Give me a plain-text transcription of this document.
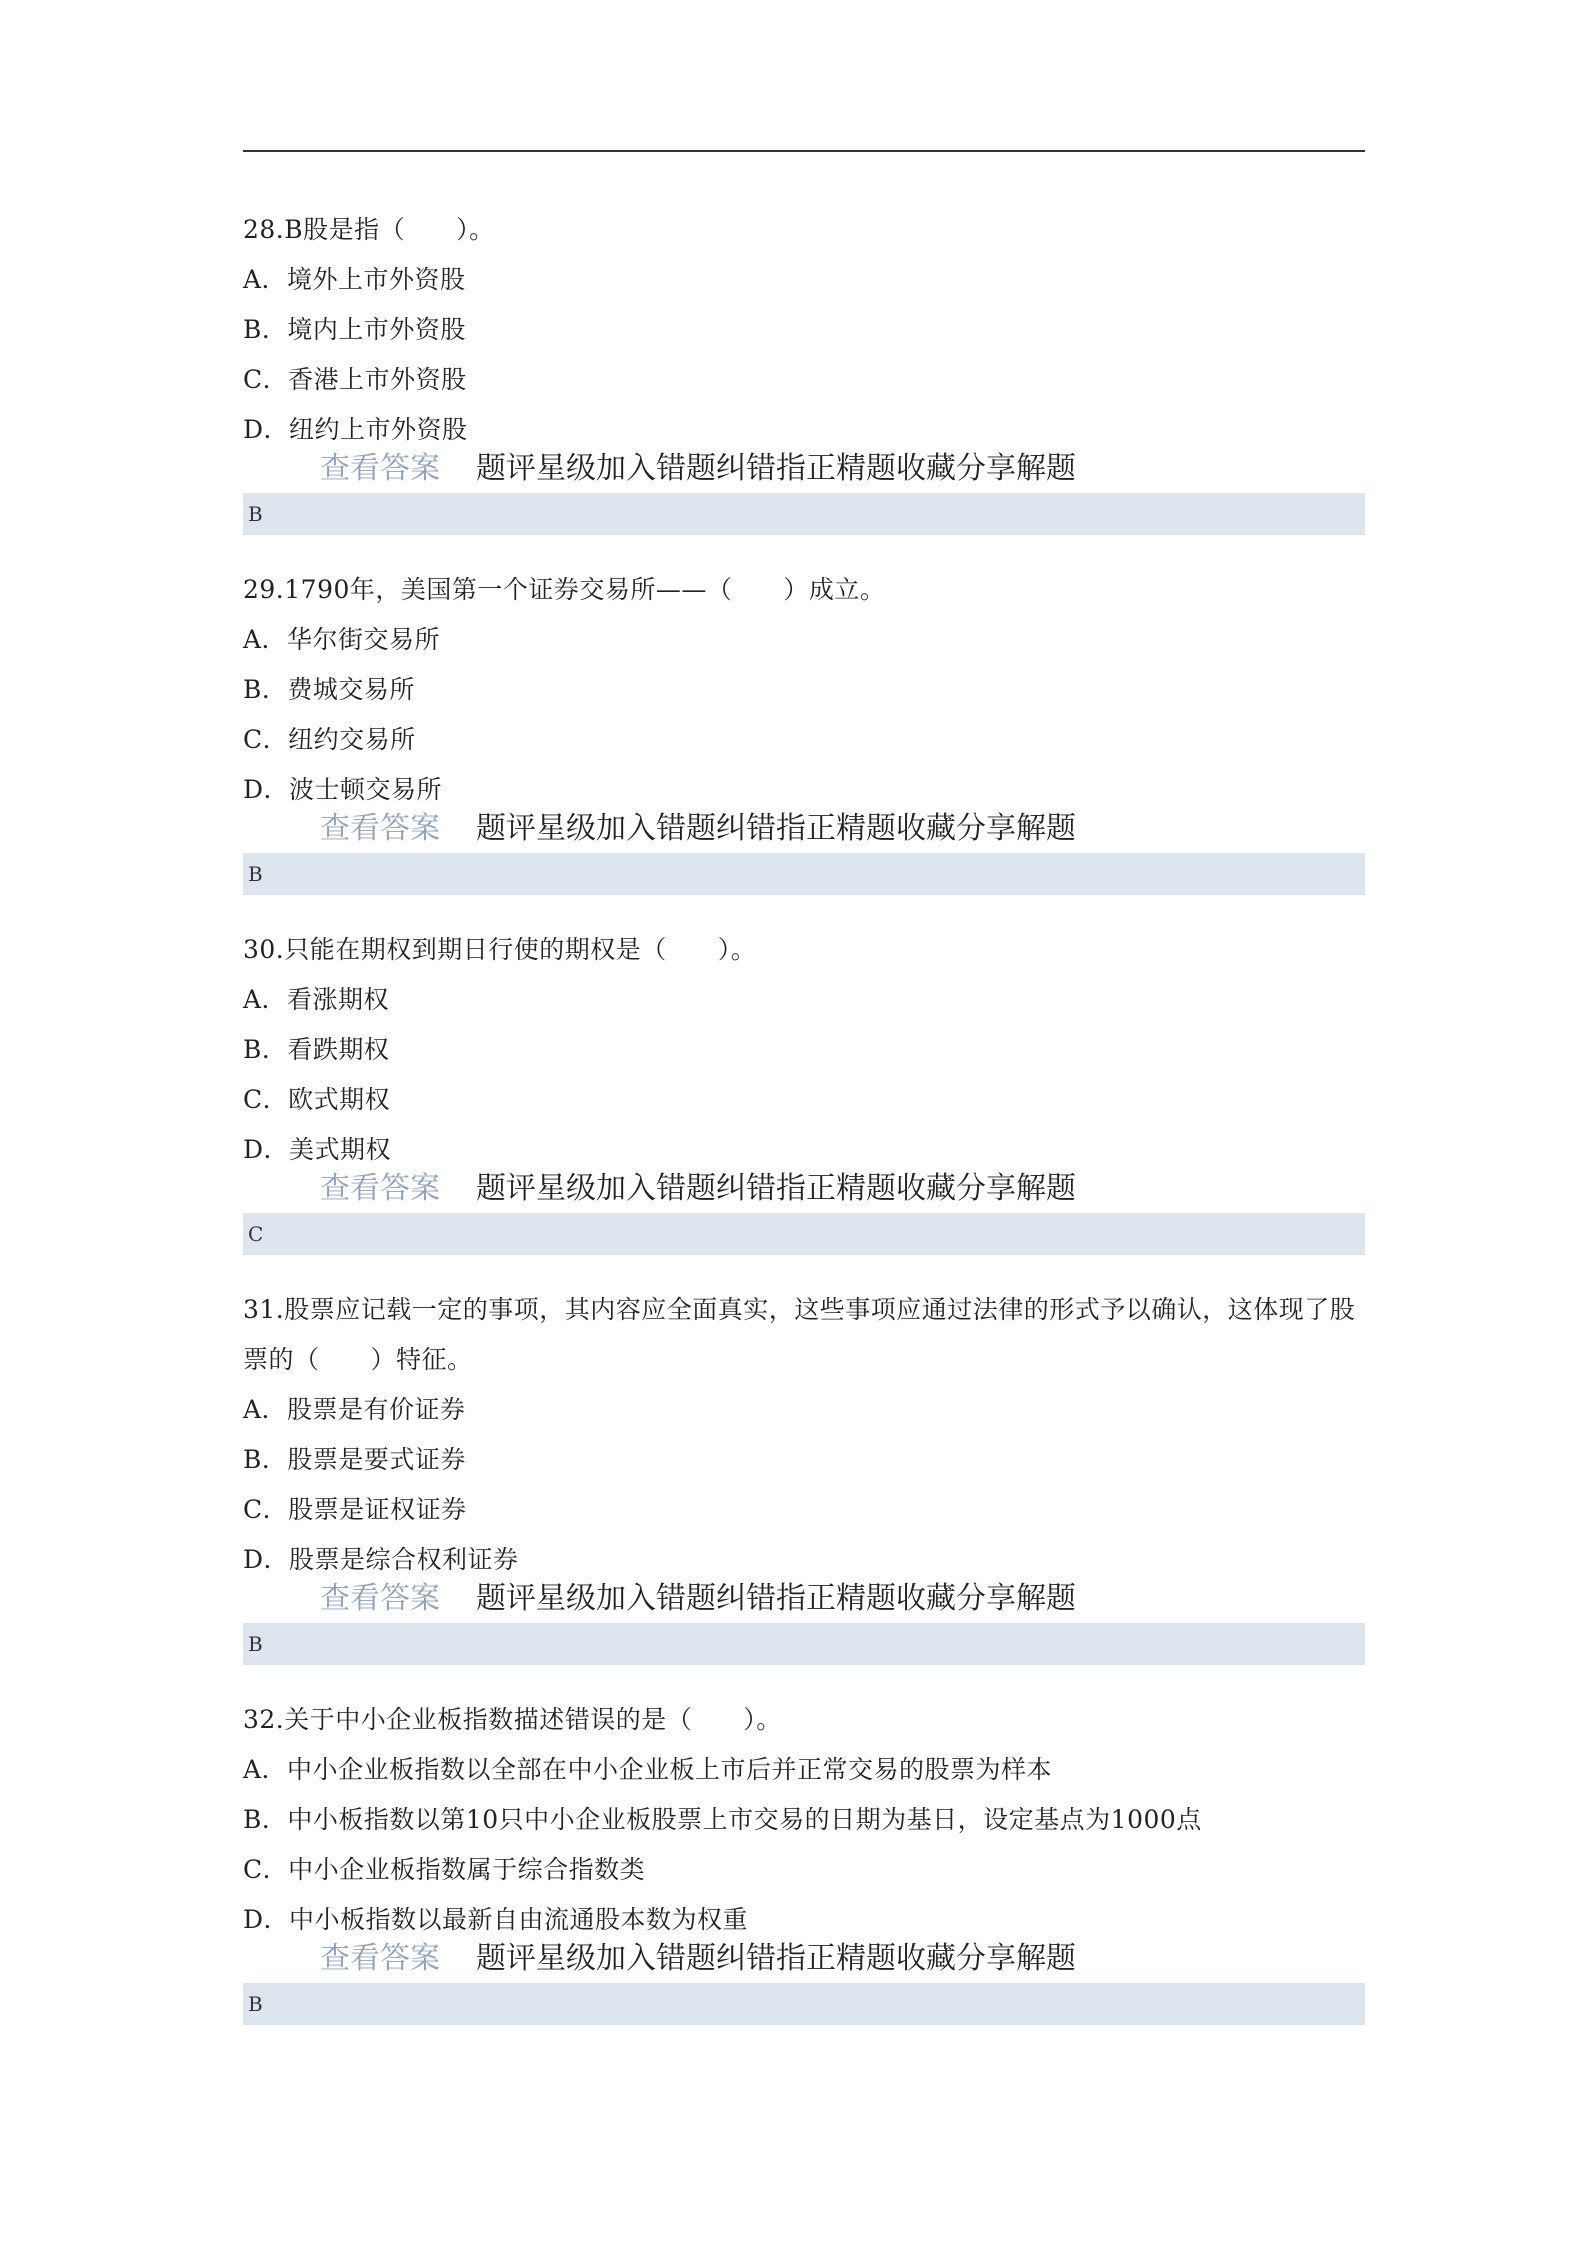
28.B股是指（　　）。

A．境外上市外资股

B．境内上市外资股

C．香港上市外资股

D．纽约上市外资股

查看答案 题评星级加入错题纠错指正精题收藏分享解题
B

29.1790年，美国第一个证券交易所——（　　）成立。

A．华尔街交易所

B．费城交易所

C．纽约交易所

D．波士顿交易所

查看答案 题评星级加入错题纠错指正精题收藏分享解题
B

30.只能在期权到期日行使的期权是（　　）。

A．看涨期权

B．看跌期权

C．欧式期权

D．美式期权

查看答案 题评星级加入错题纠错指正精题收藏分享解题
C

31.股票应记载一定的事项，其内容应全面真实，这些事项应通过法律的形式予以确认，这体现了股票的（　　）特征。

A．股票是有价证券

B．股票是要式证券

C．股票是证权证券

D．股票是综合权利证券

查看答案 题评星级加入错题纠错指正精题收藏分享解题
B

32.关于中小企业板指数描述错误的是（　　）。

A．中小企业板指数以全部在中小企业板上市后并正常交易的股票为样本

B．中小板指数以第10只中小企业板股票上市交易的日期为基日，设定基点为1000点

C．中小企业板指数属于综合指数类

D．中小板指数以最新自由流通股本数为权重

查看答案 题评星级加入错题纠错指正精题收藏分享解题
B
